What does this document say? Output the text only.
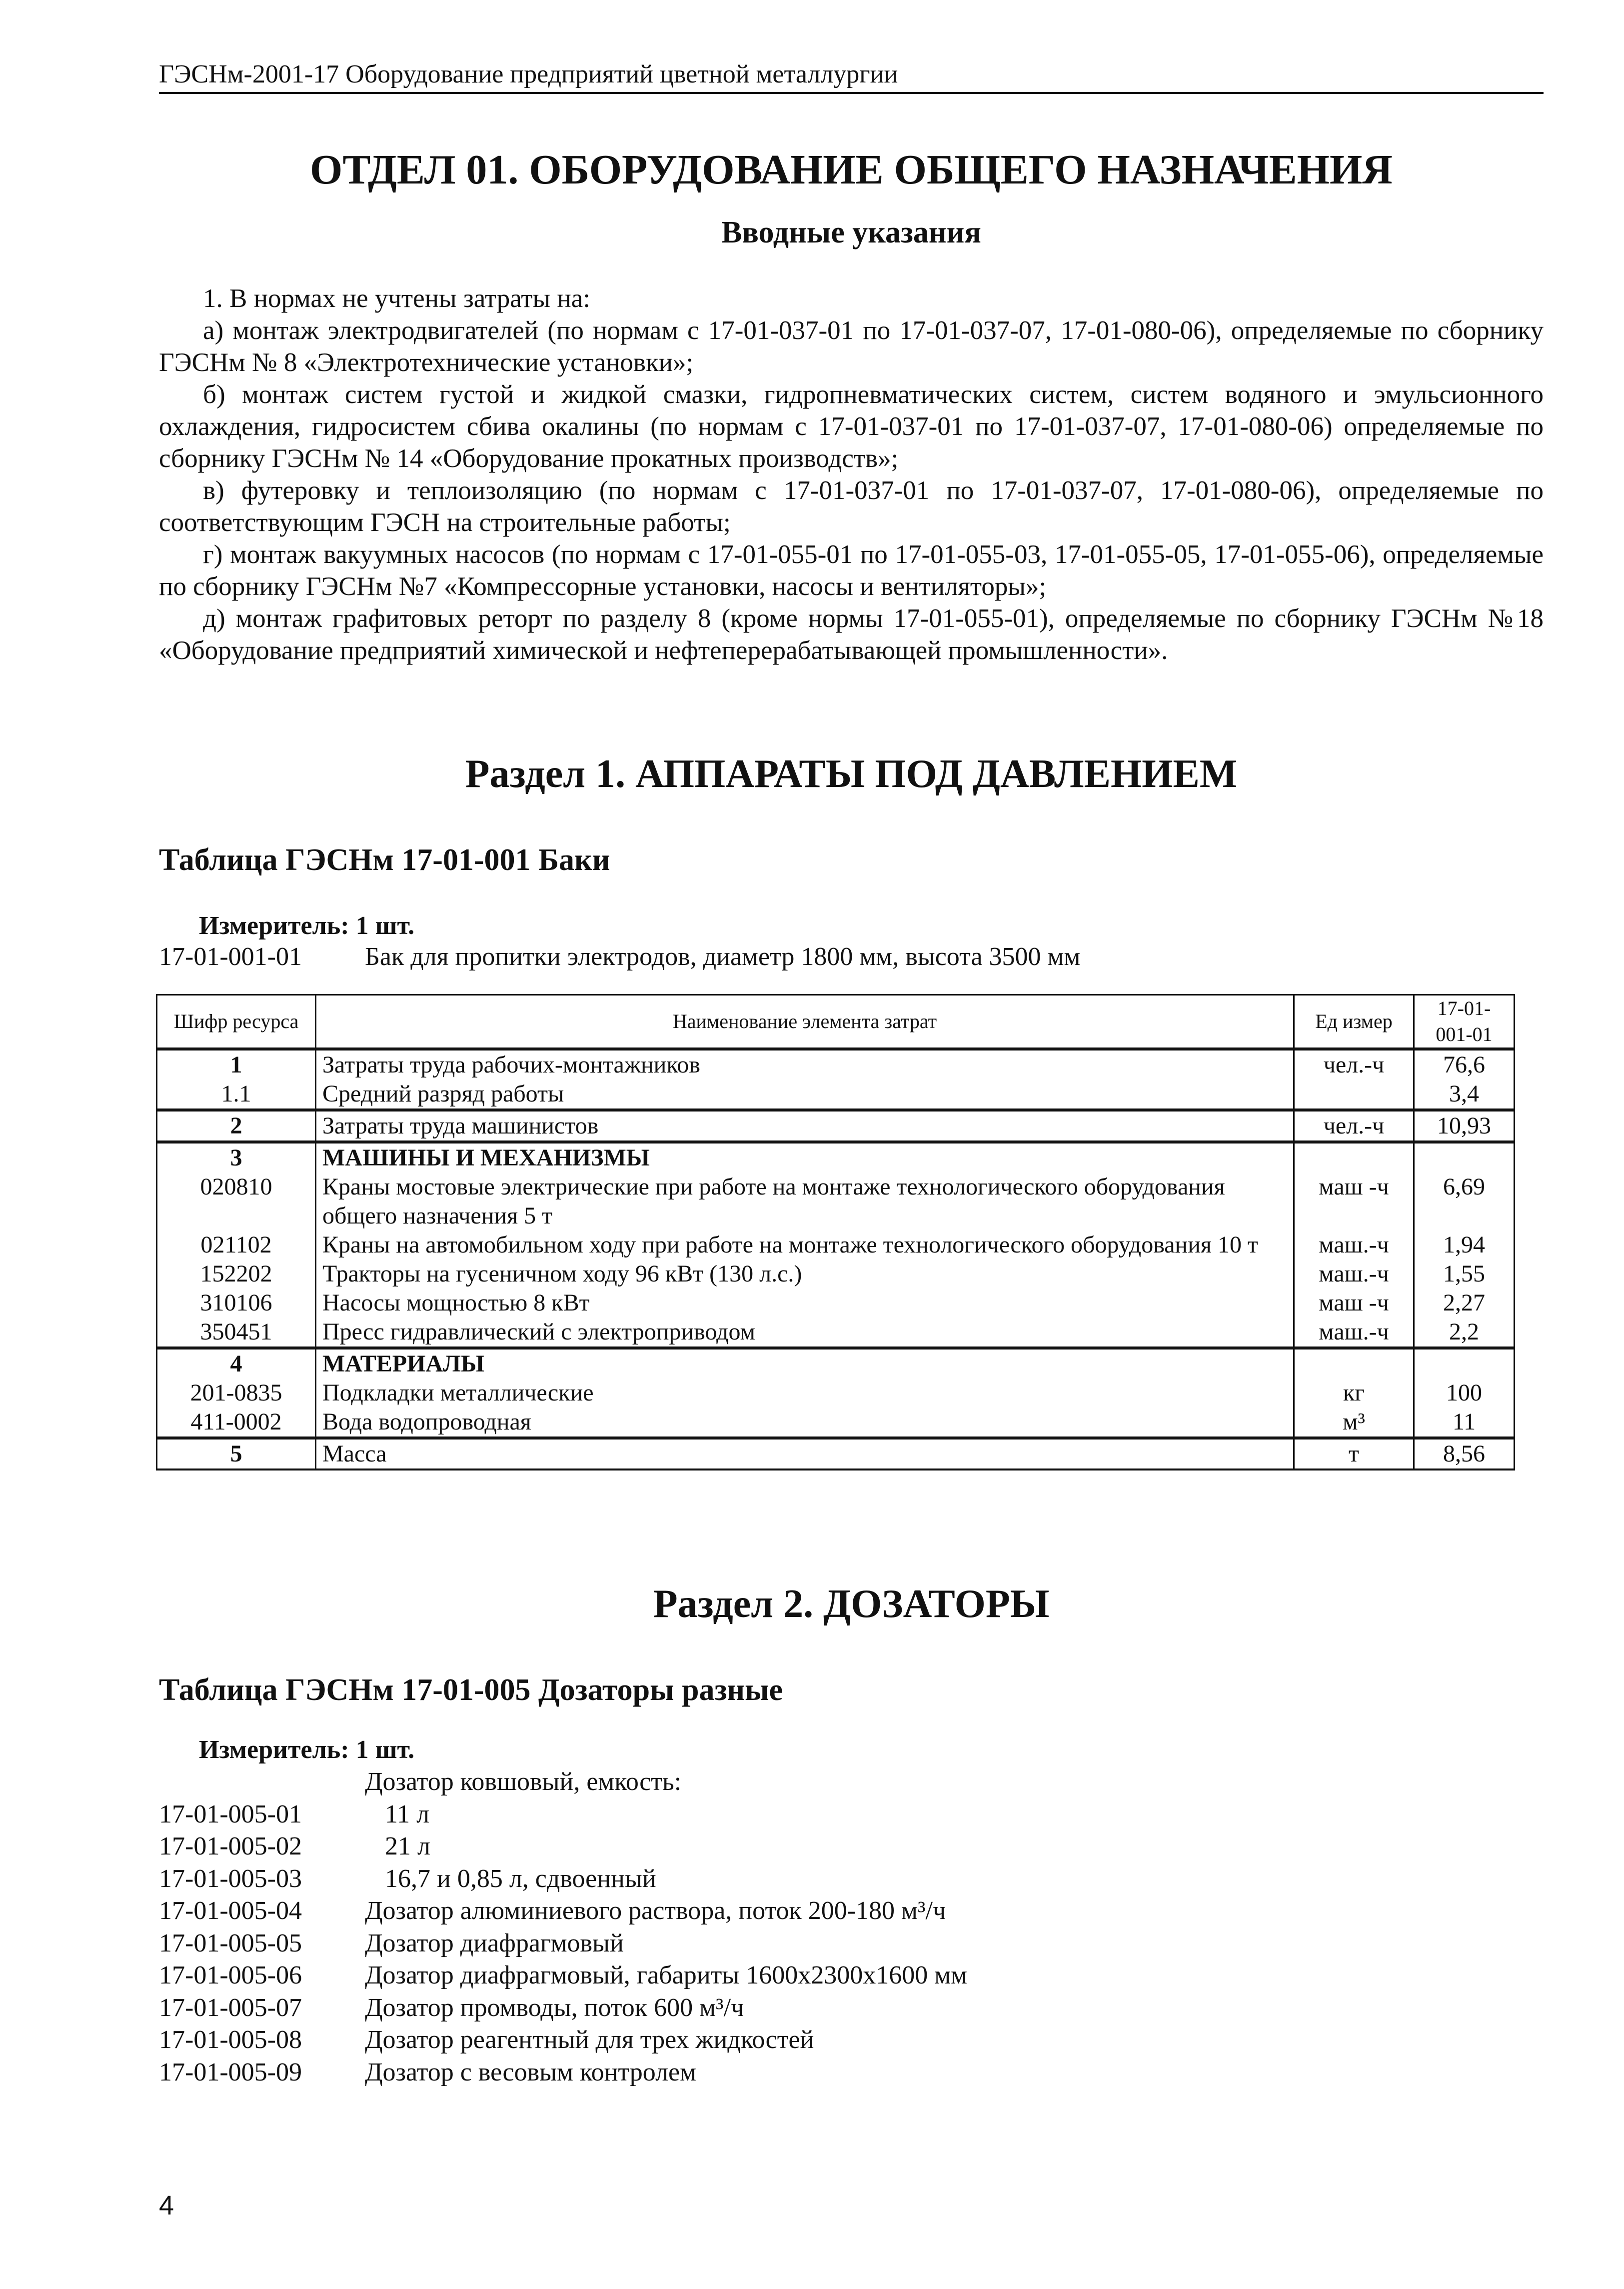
ГЭСНм-2001-17 Оборудование предприятий цветной металлургии
ОТДЕЛ 01. ОБОРУДОВАНИЕ ОБЩЕГО НАЗНАЧЕНИЯ
Вводные указания

1. В нормах не учтены затраты на:

а) монтаж электродвигателей (по нормам с 17-01-037-01 по 17-01-037-07, 17-01-080-06), определяемые по сборнику ГЭСНм № 8 «Электротехнические установки»;

б) монтаж систем густой и жидкой смазки, гидропневматических систем, систем водяного и эмульсионного охлаждения, гидросистем сбива окалины (по нормам с 17-01-037-01 по 17-01-037-07, 17-01-080-06) определяемые по сборнику ГЭСНм № 14 «Оборудование прокатных производств»;

в) футеровку и теплоизоляцию (по нормам с 17-01-037-01 по 17-01-037-07, 17-01-080-06), определяемые по соответствующим ГЭСН на строительные работы;

г) монтаж вакуумных насосов (по нормам с 17-01-055-01 по 17-01-055-03, 17-01-055-05, 17-01-055-06), определяемые по сборнику ГЭСНм №7 «Компрессорные установки, насосы и вентиляторы»;

д) монтаж графитовых реторт по разделу 8 (кроме нормы 17-01-055-01), определяемые по сборнику ГЭСНм №18 «Оборудование предприятий химической и нефтеперерабатывающей промышленности».

Раздел 1. АППАРАТЫ ПОД ДАВЛЕНИЕМ
Таблица ГЭСНм 17-01-001 Баки
Измеритель: 1 шт.
17-01-001-01 Бак для пропитки электродов, диаметр 1800 мм, высота 3500 мм
Шифр ресурса	Наименование элемента затрат	Ед измер	17-01-001-01
1	Затраты труда рабочих-монтажников	чел.-ч	76,6
1.1	Средний разряд работы		3,4
2	Затраты труда машинистов	чел.-ч	10,93
3	МАШИНЫ И МЕХАНИЗМЫ		
020810	Краны мостовые электрические при работе на монтаже технологического оборудования общего назначения 5 т	маш -ч	6,69
021102	Краны на автомобильном ходу при работе на монтаже технологического оборудования 10 т	маш.-ч	1,94
152202	Тракторы на гусеничном ходу 96 кВт (130 л.с.)	маш.-ч	1,55
310106	Насосы мощностью 8 кВт	маш -ч	2,27
350451	Пресс гидравлический с электроприводом	маш.-ч	2,2
4	МАТЕРИАЛЫ		
201-0835	Подкладки металлические	кг	100
411-0002	Вода водопроводная	м³	11
5	Масса	т	8,56
Раздел 2. ДОЗАТОРЫ
Таблица ГЭСНм 17-01-005 Дозаторы разные
Измеритель: 1 шт.
Дозатор ковшовый, емкость:
17-01-005-01	11 л
17-01-005-02	21 л
17-01-005-03	16,7 и 0,85 л, сдвоенный
17-01-005-04 Дозатор алюминиевого раствора, поток 200-180 м³/ч
17-01-005-05 Дозатор диафрагмовый
17-01-005-06 Дозатор диафрагмовый, габариты 1600х2300х1600 мм
17-01-005-07 Дозатор промводы, поток 600 м³/ч
17-01-005-08 Дозатор реагентный для трех жидкостей
17-01-005-09 Дозатор с весовым контролем
4
